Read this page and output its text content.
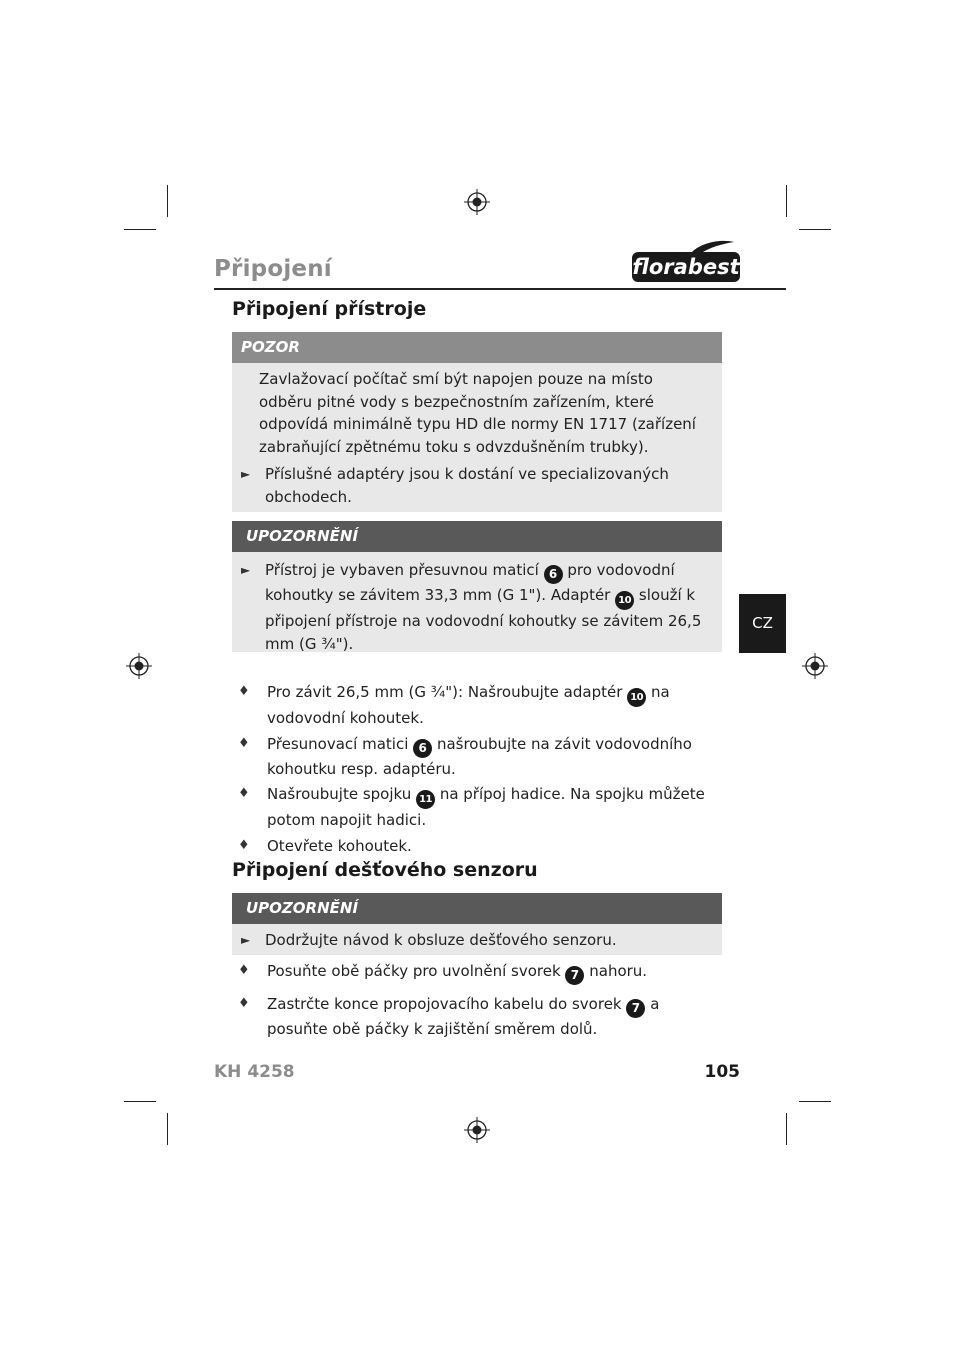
Připojení	florabest
Připojení přístroje
POZOR
Zavlažovací počítač smí být napojen pouze na místo odběru pitné vody s bezpečnostním zařízením, které odpovídá minimálně typu HD dle normy EN 1717 (zařízení zabraňující zpětnému toku s odvzdušněním trubky).
► Příslušné adaptéry jsou k dostání ve specializovaných obchodech.
UPOZORNĚNÍ
► Přístroj je vybaven přesuvnou maticí 6 pro vodovodní kohoutky se závitem 33,3 mm (G 1"). Adaptér 10 slouží k připojení přístroje na vodovodní kohoutky se závitem 26,5 mm (G ¾").
♦ Pro závit 26,5 mm (G ¾"): Našroubujte adaptér 10 na vodovodní kohoutek.
♦ Přesunovací matici 6 našroubujte na závit vodovodního kohoutku resp. adaptéru.
♦ Našroubujte spojku 11 na přípoj hadice. Na spojku můžete potom napojit hadici.
♦ Otevřete kohoutek.
Připojení dešťového senzoru
UPOZORNĚNÍ
► Dodržujte návod k obsluze dešťového senzoru.
♦ Posuňte obě páčky pro uvolnění svorek 7 nahoru.
♦ Zastrčte konce propojovacího kabelu do svorek 7 a posuňte obě páčky k zajištění směrem dolů.
CZ
KH 4258	105
